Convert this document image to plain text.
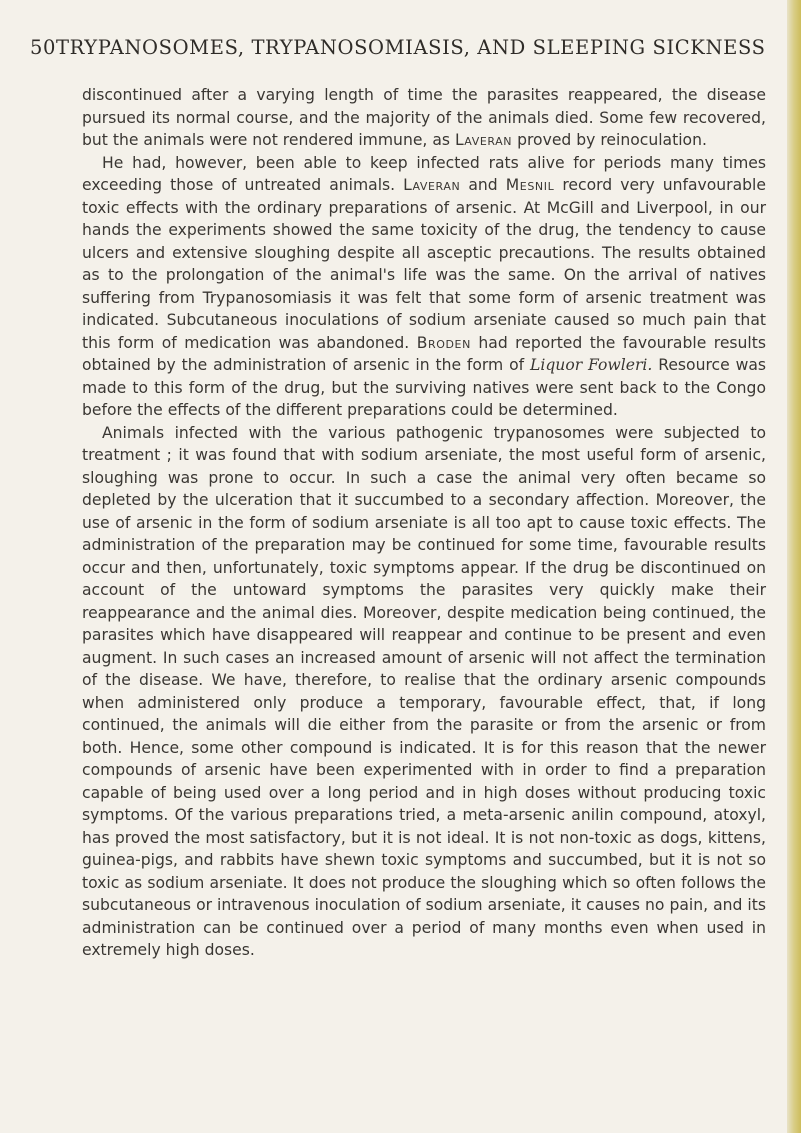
50 TRYPANOSOMES, TRYPANOSOMIASIS, AND SLEEPING SICKNESS

discontinued after a varying length of time the parasites reappeared, the disease pursued its normal course, and the majority of the animals died. Some few recovered, but the animals were not rendered immune, as Laveran proved by reinoculation.

He had, however, been able to keep infected rats alive for periods many times exceeding those of untreated animals. Laveran and Mesnil record very unfavourable toxic effects with the ordinary preparations of arsenic. At McGill and Liverpool, in our hands the experiments showed the same toxicity of the drug, the tendency to cause ulcers and extensive sloughing despite all asceptic precautions. The results obtained as to the prolongation of the animal's life was the same. On the arrival of natives suffering from Trypanosomiasis it was felt that some form of arsenic treatment was indicated. Subcutaneous inoculations of sodium arseniate caused so much pain that this form of medication was abandoned. Broden had reported the favourable results obtained by the administration of arsenic in the form of Liquor Fowleri. Resource was made to this form of the drug, but the surviving natives were sent back to the Congo before the effects of the different preparations could be determined.

Animals infected with the various pathogenic trypanosomes were subjected to treatment ; it was found that with sodium arseniate, the most useful form of arsenic, sloughing was prone to occur. In such a case the animal very often became so depleted by the ulceration that it succumbed to a secondary affection. Moreover, the use of arsenic in the form of sodium arseniate is all too apt to cause toxic effects. The administration of the preparation may be continued for some time, favourable results occur and then, unfortunately, toxic symptoms appear. If the drug be discontinued on account of the untoward symptoms the parasites very quickly make their reappearance and the animal dies. Moreover, despite medication being continued, the parasites which have disappeared will reappear and continue to be present and even augment. In such cases an increased amount of arsenic will not affect the termination of the disease. We have, therefore, to realise that the ordinary arsenic compounds when administered only produce a temporary, favourable effect, that, if long continued, the animals will die either from the parasite or from the arsenic or from both. Hence, some other compound is indicated. It is for this reason that the newer compounds of arsenic have been experimented with in order to find a preparation capable of being used over a long period and in high doses without producing toxic symptoms. Of the various preparations tried, a meta-arsenic anilin compound, atoxyl, has proved the most satisfactory, but it is not ideal. It is not non-toxic as dogs, kittens, guinea-pigs, and rabbits have shewn toxic symptoms and succumbed, but it is not so toxic as sodium arseniate. It does not produce the sloughing which so often follows the subcutaneous or intravenous inoculation of sodium arseniate, it causes no pain, and its administration can be continued over a period of many months even when used in extremely high doses.
